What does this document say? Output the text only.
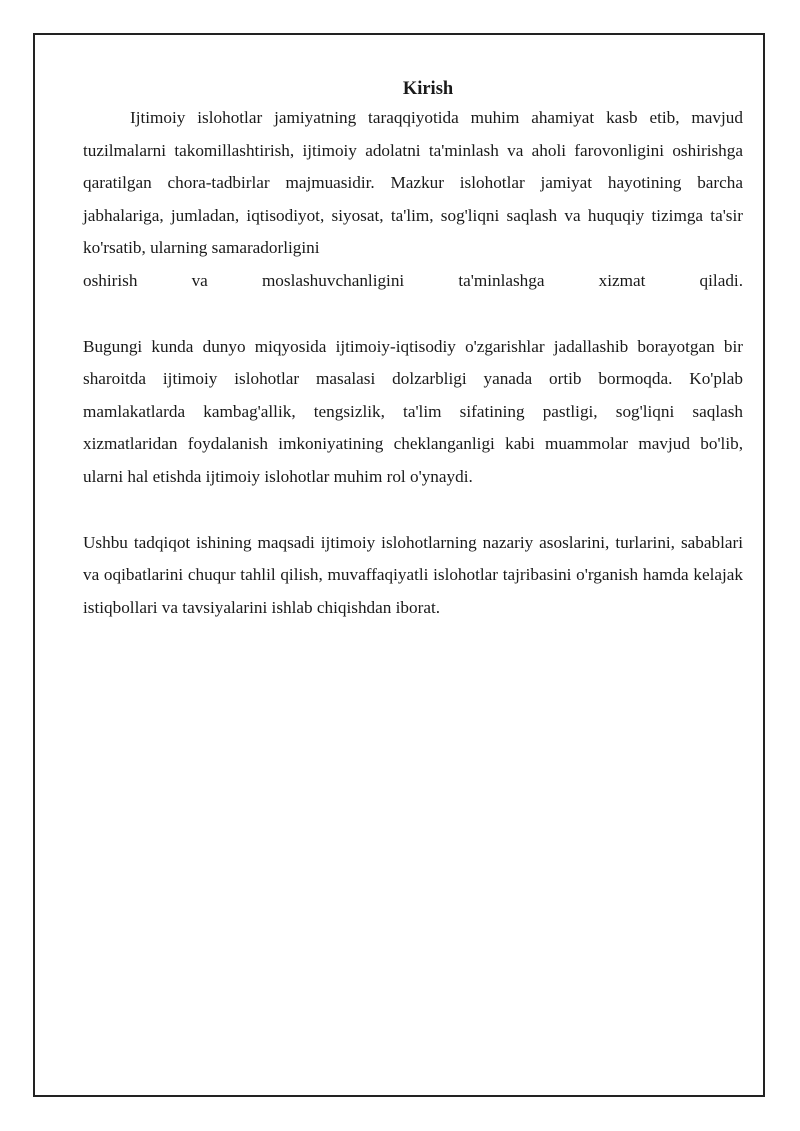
Kirish

Ijtimoiy islohotlar jamiyatning taraqqiyotida muhim ahamiyat kasb etib, mavjud tuzilmalarni takomillashtirish, ijtimoiy adolatni ta'minlash va aholi farovonligini oshirishga qaratilgan chora-tadbirlar majmuasidir. Mazkur islohotlar jamiyat hayotining barcha jabhalariga, jumladan, iqtisodiyot, siyosat, ta'lim, sog'liqni saqlash va huquqiy tizimga ta'sir ko'rsatib, ularning samaradorligini
oshirish va moslashuvchanligini ta'minlashga xizmat qiladi.

Bugungi kunda dunyo miqyosida ijtimoiy-iqtisodiy o'zgarishlar jadallashib borayotgan bir sharoitda ijtimoiy islohotlar masalasi dolzarbligi yanada ortib bormoqda. Ko'plab mamlakatlarda kambag'allik, tengsizlik, ta'lim sifatining pastligi, sog'liqni saqlash xizmatlaridan foydalanish imkoniyatining cheklanganligi kabi muammolar mavjud bo'lib, ularni hal etishda ijtimoiy islohotlar muhim rol o'ynaydi.

Ushbu tadqiqot ishining maqsadi ijtimoiy islohotlarning nazariy asoslarini, turlarini, sabablari va oqibatlarini chuqur tahlil qilish, muvaffaqiyatli islohotlar tajribasini o'rganish hamda kelajak istiqbollari va tavsiyalarini ishlab chiqishdan iborat.
